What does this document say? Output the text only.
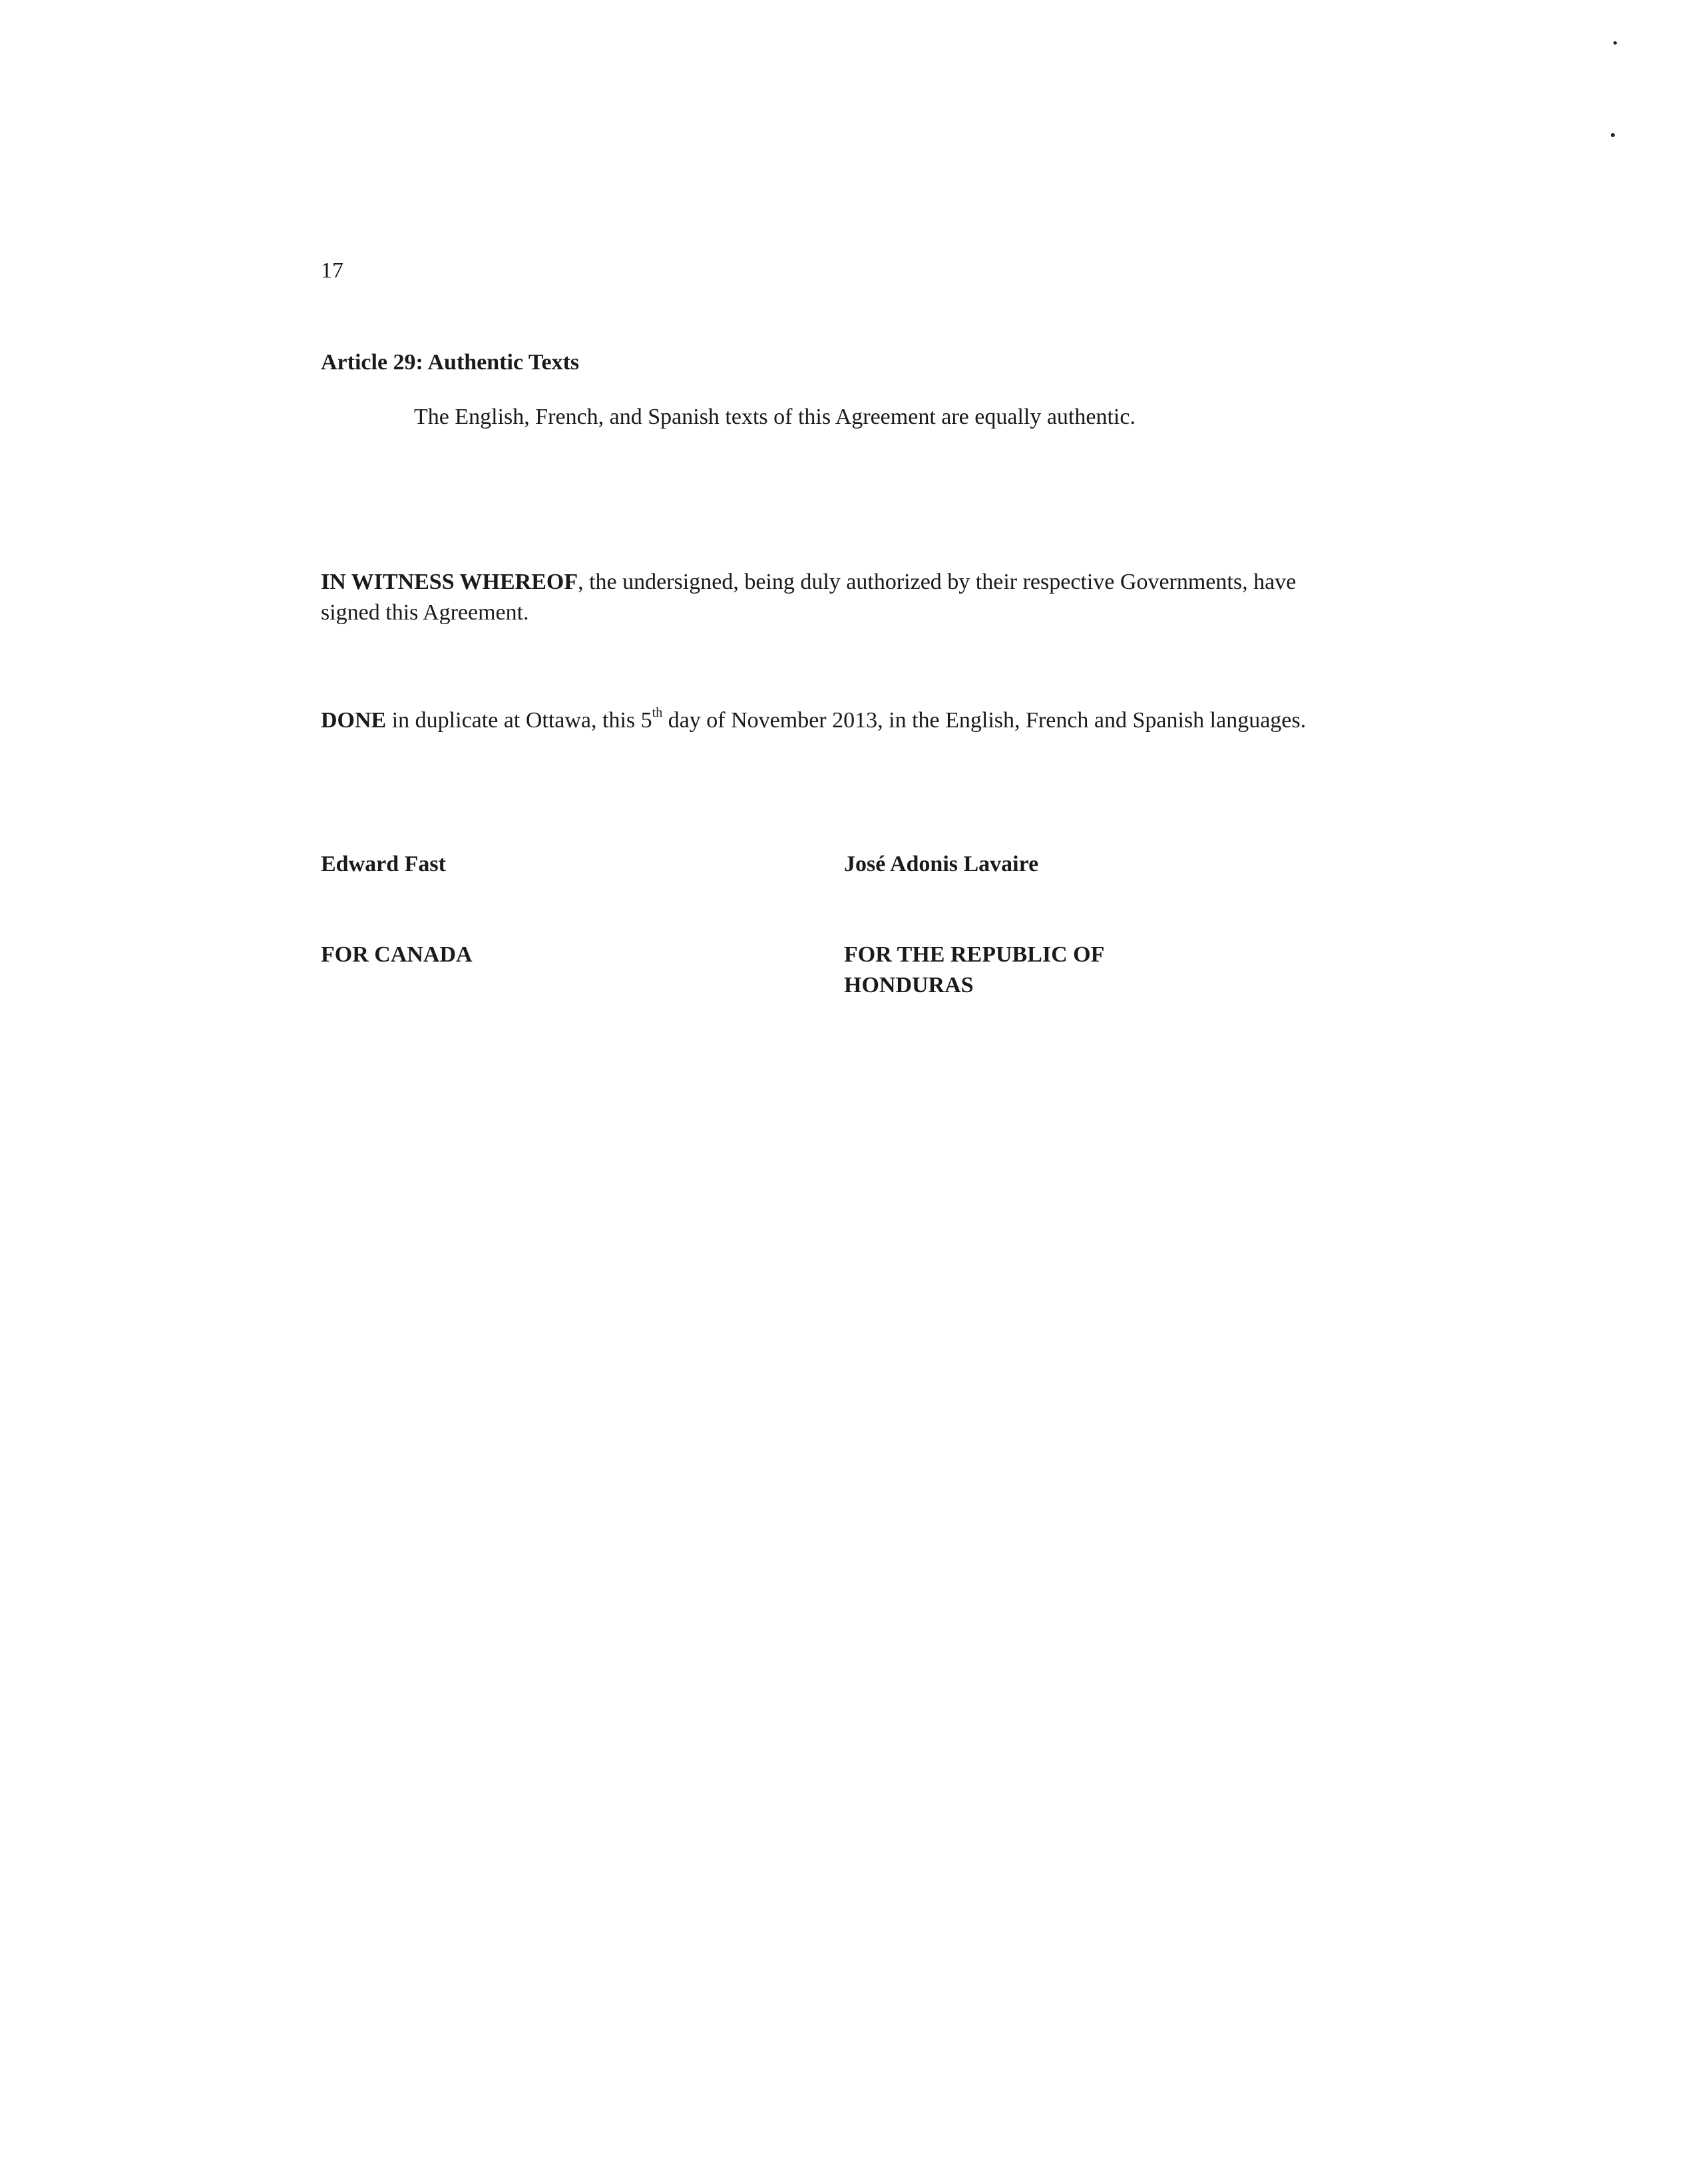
17
Article 29: Authentic Texts
The English, French, and Spanish texts of this Agreement are equally authentic.
IN WITNESS WHEREOF, the undersigned, being duly authorized by their respective Governments, have signed this Agreement.
DONE in duplicate at Ottawa, this 5th day of November 2013, in the English, French and Spanish languages.
Edward Fast	José Adonis Lavaire
FOR CANADA	FOR THE REPUBLIC OF HONDURAS
